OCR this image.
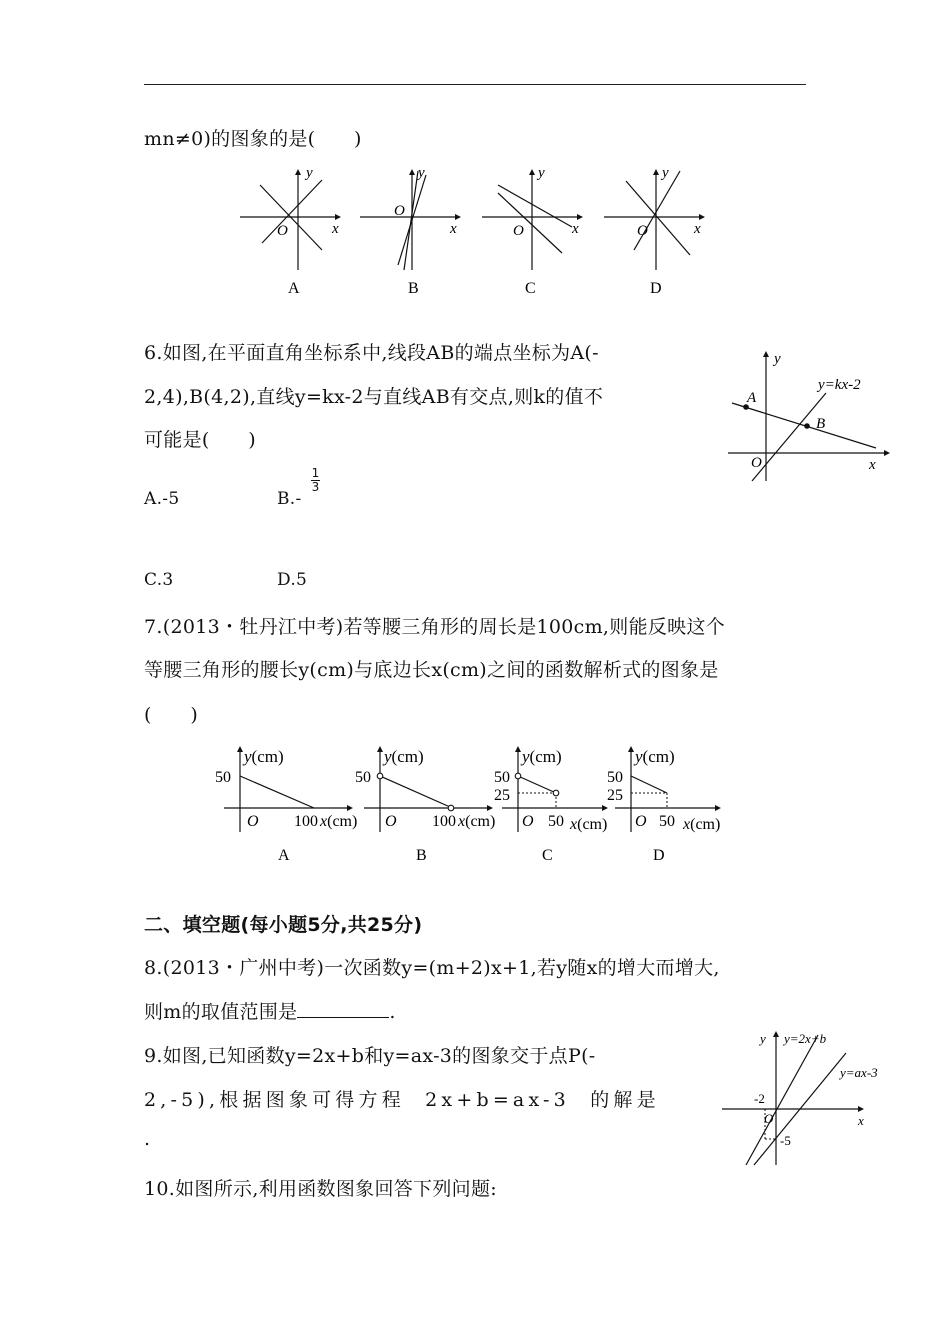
mn≠0)的图象的是(　　)
y
x
O
A
y
x
O
B
y
x
O
C
y
x
O
D
6.如图,在平面直角坐标系中,线段AB的端点坐标为A(-
2,4),B(4,2),直线y=kx-2与直线AB有交点,则k的值不
可能是(　　)
A.-5	B.-
1
3
C.3	D.5
y
x
O
A
B
y=kx-2
7.(2013・牡丹江中考)若等腰三角形的周长是100cm,则能反映这个
等腰三角形的腰长y(cm)与底边长x(cm)之间的函数解析式的图象是
(　　)
y(cm)
50
O 100 x(cm)
A
y(cm)
50
O 100 x(cm)
B
y(cm)
50
25
O 50 x(cm)
C
y(cm)
50
25
O 50 x(cm)
D
二、填空题(每小题5分,共25分)
8.(2013・广州中考)一次函数y=(m+2)x+1,若y随x的增大而增大,
则m的取值范围是	.
9.如图,已知函数y=2x+b和y=ax-3的图象交于点P(-
2,-5),根据图象可得方程 2x+b=ax-3 的解是
.
y
x
O
y=2x+b
y=ax-3
-2
-5
10.如图所示,利用函数图象回答下列问题:
